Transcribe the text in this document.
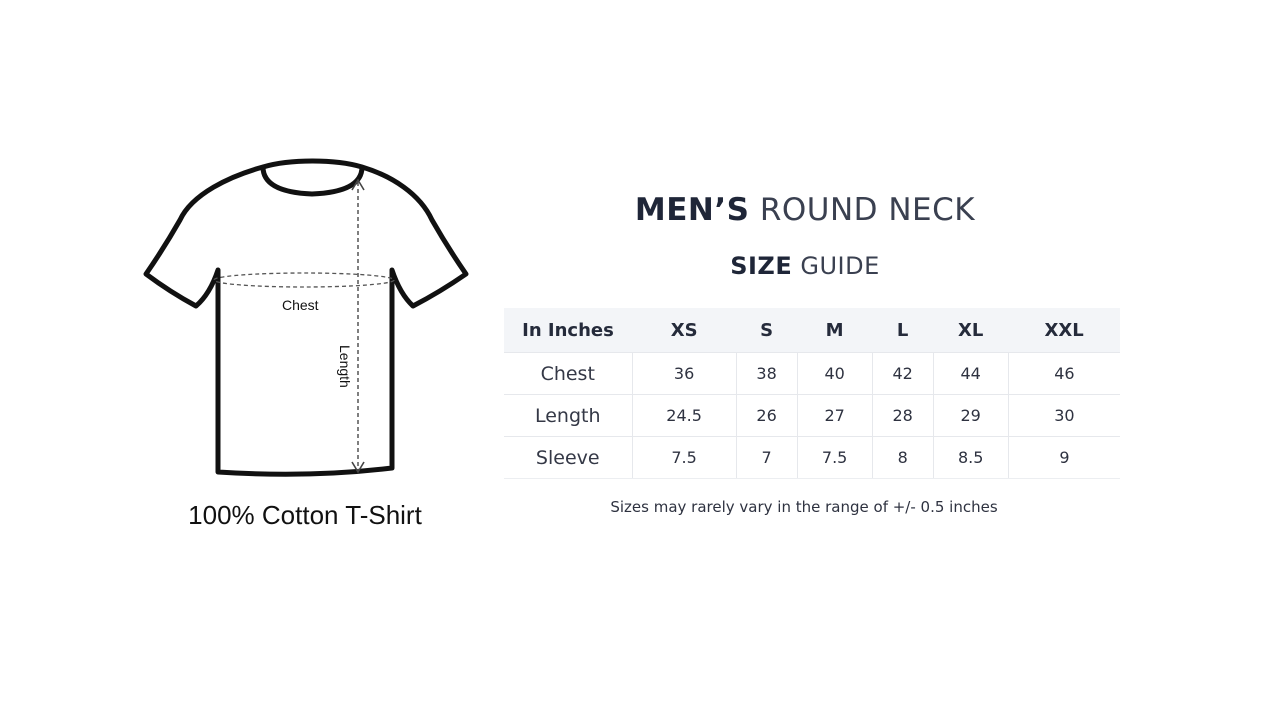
Chest
Length
100% Cotton T-Shirt
MEN’S ROUND NECK
SIZE GUIDE
In Inches	XS	S	M	L	XL	XXL
Chest	36	38	40	42	44	46
Length	24.5	26	27	28	29	30
Sleeve	7.5	7	7.5	8	8.5	9
Sizes may rarely vary in the range of +/- 0.5 inches
